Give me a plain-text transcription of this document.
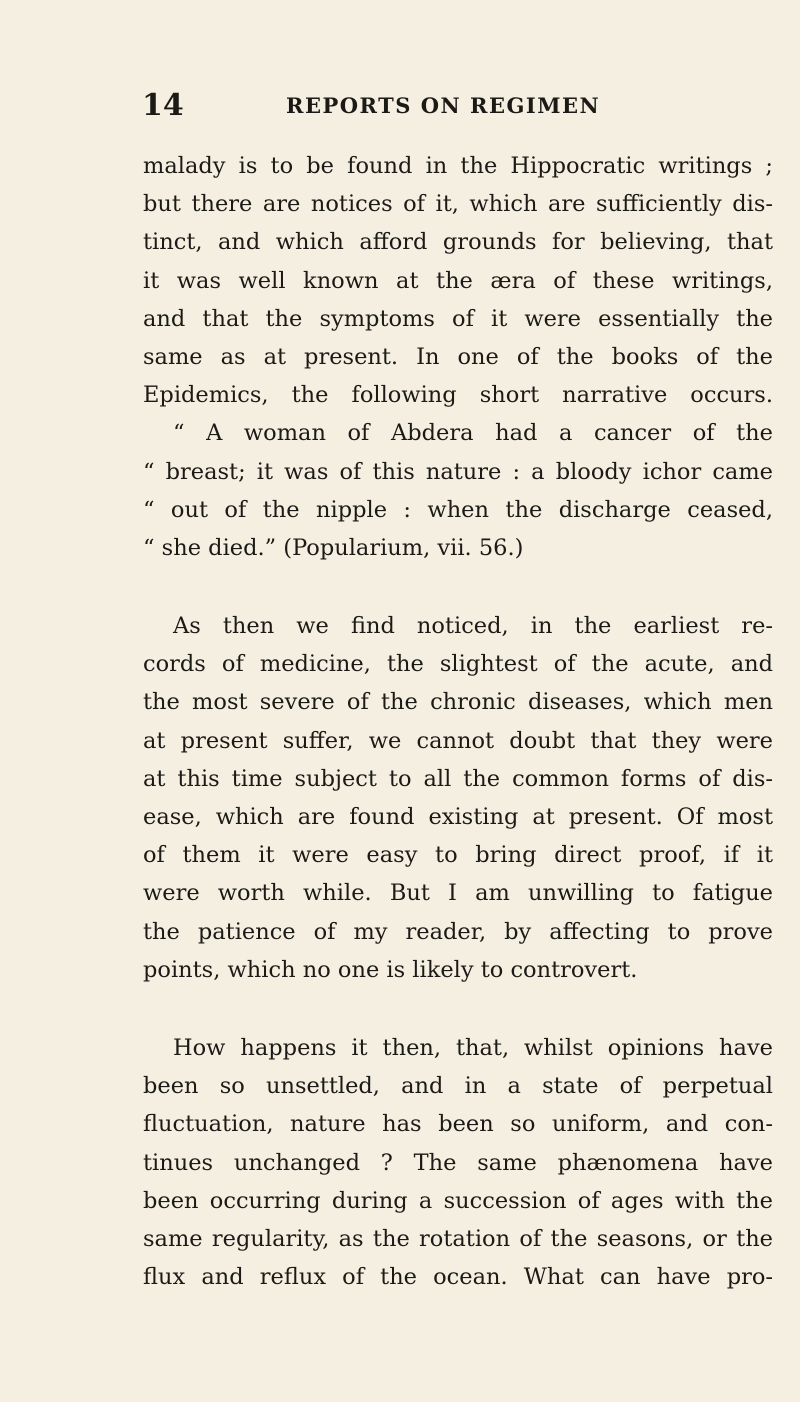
14	REPORTS ON REGIMEN
malady is to be found in the Hippocratic writings ;
but there are notices of it, which are sufficiently dis-
tinct, and which afford grounds for believing, that
it was well known at the æra of these writings,
and that the symptoms of it were essentially the
same as at present. In one of the books of the
Epidemics, the following short narrative occurs.
“ A woman of Abdera had a cancer of the
“ breast; it was of this nature : a bloody ichor came
“ out of the nipple : when the discharge ceased,
“ she died.” (Popularium, vii. 56.)
As then we find noticed, in the earliest re-
cords of medicine, the slightest of the acute, and
the most severe of the chronic diseases, which men
at present suffer, we cannot doubt that they were
at this time subject to all the common forms of dis-
ease, which are found existing at present. Of most
of them it were easy to bring direct proof, if it
were worth while. But I am unwilling to fatigue
the patience of my reader, by affecting to prove
points, which no one is likely to controvert.
How happens it then, that, whilst opinions have
been so unsettled, and in a state of perpetual
fluctuation, nature has been so uniform, and con-
tinues unchanged ? The same phænomena have
been occurring during a succession of ages with the
same regularity, as the rotation of the seasons, or the
flux and reflux of the ocean. What can have pro-
